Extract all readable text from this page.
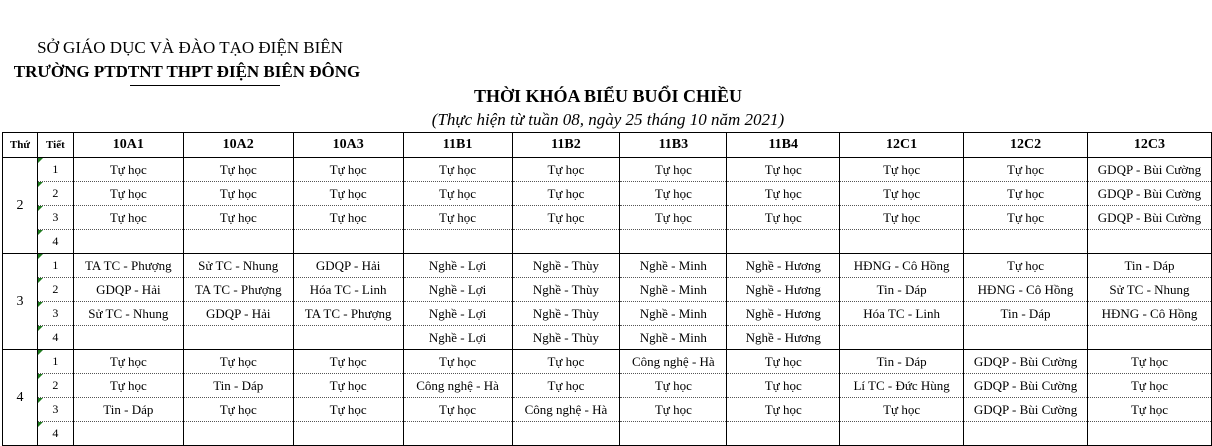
SỞ GIÁO DỤC VÀ ĐÀO TẠO ĐIỆN BIÊN
TRƯỜNG PTDTNT THPT ĐIỆN BIÊN ĐÔNG
THỜI KHÓA BIỂU BUỔI CHIỀU
(Thực hiện từ tuần 08, ngày 25 tháng 10 năm 2021)
Thứ	Tiết	10A1	10A2	10A3	11B1	11B2	11B3	11B4	12C1	12C2	12C3
2	1	Tự học	Tự học	Tự học	Tự học	Tự học	Tự học	Tự học	Tự học	Tự học	GDQP - Bùi Cường
	2	Tự học	Tự học	Tự học	Tự học	Tự học	Tự học	Tự học	Tự học	Tự học	GDQP - Bùi Cường
	3	Tự học	Tự học	Tự học	Tự học	Tự học	Tự học	Tự học	Tự học	Tự học	GDQP - Bùi Cường
	4										
3	1	TA TC - Phượng	Sử TC - Nhung	GDQP - Hải	Nghề - Lợi	Nghề - Thùy	Nghề - Minh	Nghề - Hương	HĐNG - Cô Hồng	Tự học	Tin - Dáp
	2	GDQP - Hải	TA TC - Phượng	Hóa TC - Linh	Nghề - Lợi	Nghề - Thùy	Nghề - Minh	Nghề - Hương	Tin - Dáp	HĐNG - Cô Hồng	Sử TC - Nhung
	3	Sử TC - Nhung	GDQP - Hải	TA TC - Phượng	Nghề - Lợi	Nghề - Thùy	Nghề - Minh	Nghề - Hương	Hóa TC - Linh	Tin - Dáp	HĐNG - Cô Hồng
	4				Nghề - Lợi	Nghề - Thùy	Nghề - Minh	Nghề - Hương			
4	1	Tự học	Tự học	Tự học	Tự học	Tự học	Công nghệ - Hà	Tự học	Tin - Dáp	GDQP - Bùi Cường	Tự học
	2	Tự học	Tin - Dáp	Tự học	Công nghệ - Hà	Tự học	Tự học	Tự học	Lí TC - Đức Hùng	GDQP - Bùi Cường	Tự học
	3	Tin - Dáp	Tự học	Tự học	Tự học	Công nghệ - Hà	Tự học	Tự học	Tự học	GDQP - Bùi Cường	Tự học
	4										
